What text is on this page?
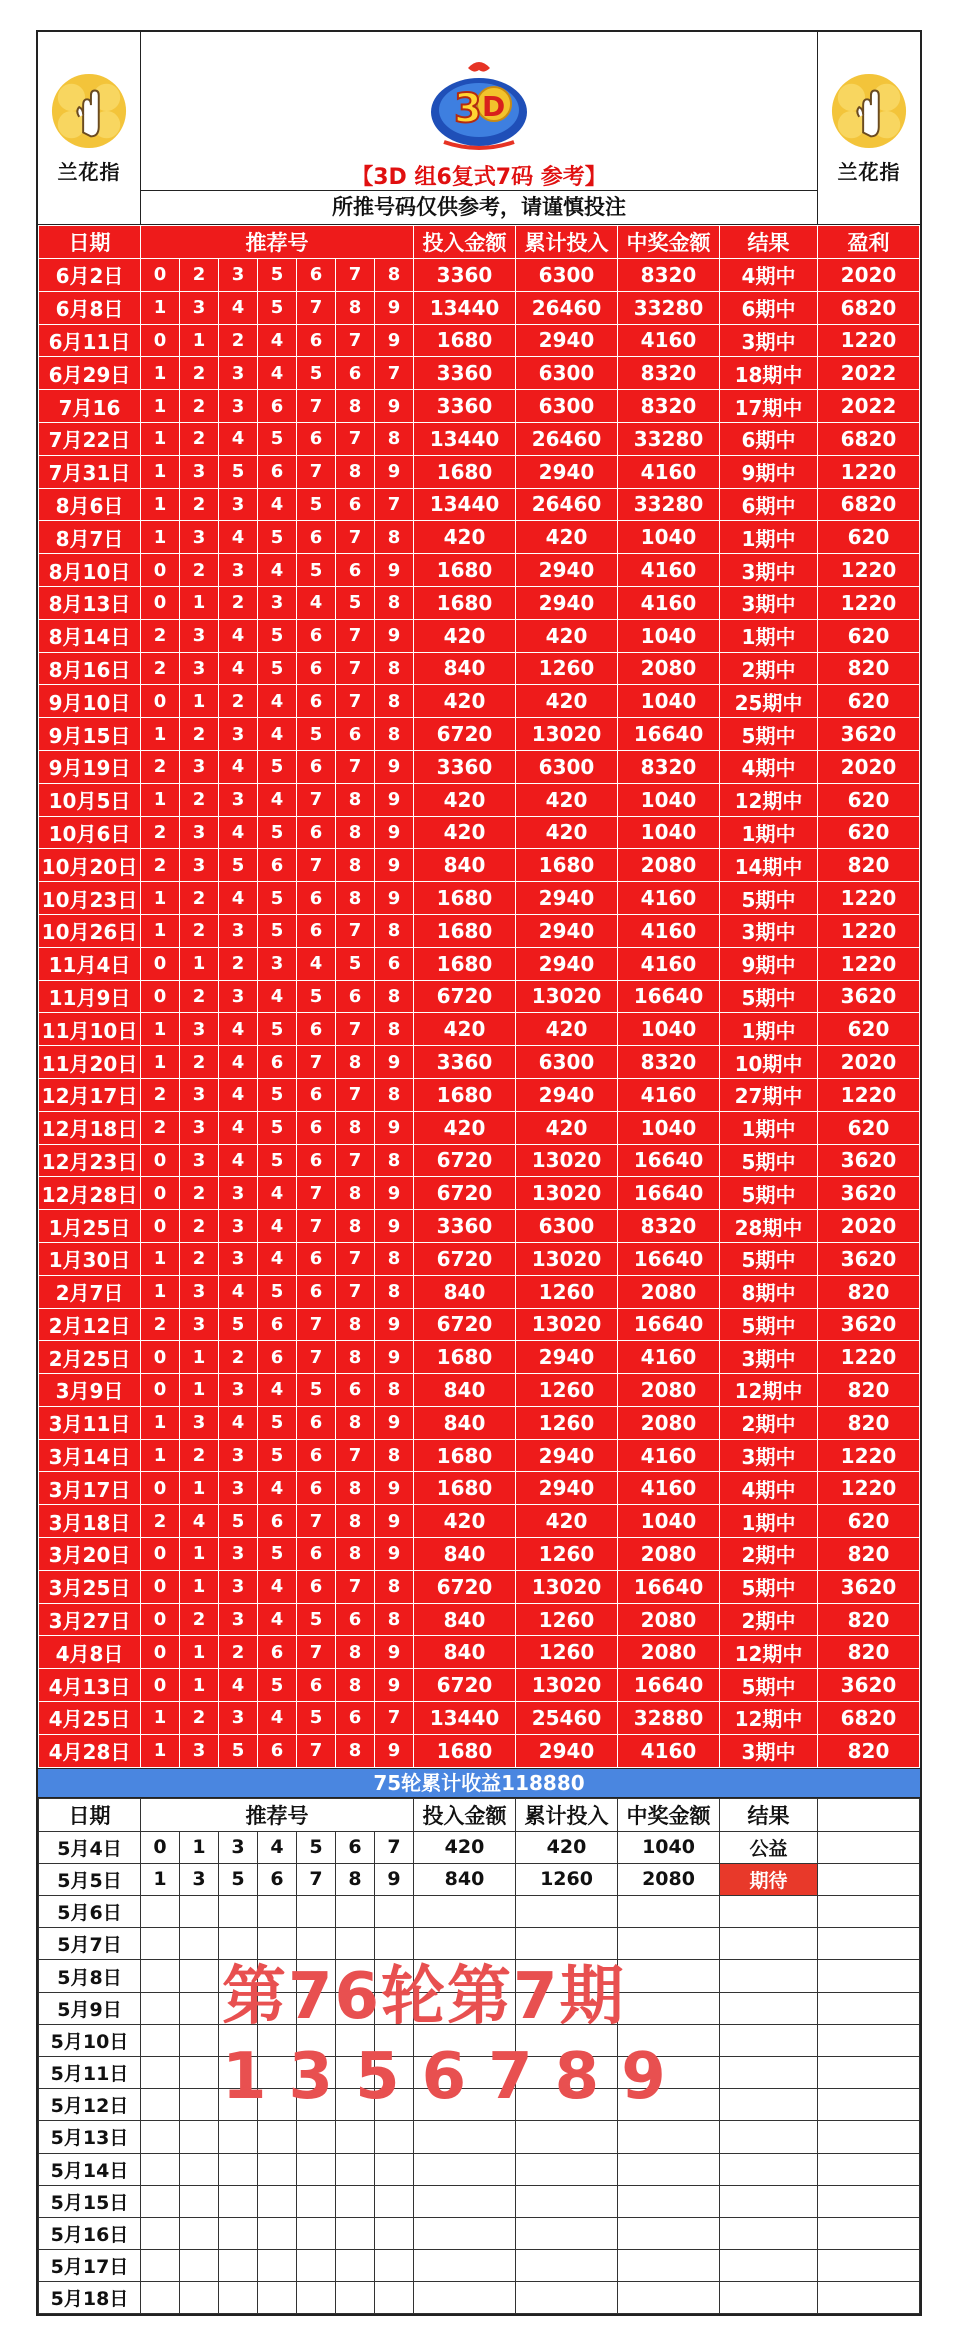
兰花指
3 D
【3D 组6复式7码 参考】
所推号码仅供参考，请谨慎投注
兰花指
日期	推荐号							投入金额	累计投入	中奖金额	结果	盈利
6月2日	0	2	3	5	6	7	8	3360	6300	8320	4期中	2020
6月8日	1	3	4	5	7	8	9	13440	26460	33280	6期中	6820
6月11日	0	1	2	4	6	7	9	1680	2940	4160	3期中	1220
6月29日	1	2	3	4	5	6	7	3360	6300	8320	18期中	2022
7月16	1	2	3	6	7	8	9	3360	6300	8320	17期中	2022
7月22日	1	2	4	5	6	7	8	13440	26460	33280	6期中	6820
7月31日	1	3	5	6	7	8	9	1680	2940	4160	9期中	1220
8月6日	1	2	3	4	5	6	7	13440	26460	33280	6期中	6820
8月7日	1	3	4	5	6	7	8	420	420	1040	1期中	620
8月10日	0	2	3	4	5	6	9	1680	2940	4160	3期中	1220
8月13日	0	1	2	3	4	5	8	1680	2940	4160	3期中	1220
8月14日	2	3	4	5	6	7	9	420	420	1040	1期中	620
8月16日	2	3	4	5	6	7	8	840	1260	2080	2期中	820
9月10日	0	1	2	4	6	7	8	420	420	1040	25期中	620
9月15日	1	2	3	4	5	6	8	6720	13020	16640	5期中	3620
9月19日	2	3	4	5	6	7	9	3360	6300	8320	4期中	2020
10月5日	1	2	3	4	7	8	9	420	420	1040	12期中	620
10月6日	2	3	4	5	6	8	9	420	420	1040	1期中	620
10月20日	2	3	5	6	7	8	9	840	1680	2080	14期中	820
10月23日	1	2	4	5	6	8	9	1680	2940	4160	5期中	1220
10月26日	1	2	3	5	6	7	8	1680	2940	4160	3期中	1220
11月4日	0	1	2	3	4	5	6	1680	2940	4160	9期中	1220
11月9日	0	2	3	4	5	6	8	6720	13020	16640	5期中	3620
11月10日	1	3	4	5	6	7	8	420	420	1040	1期中	620
11月20日	1	2	4	6	7	8	9	3360	6300	8320	10期中	2020
12月17日	2	3	4	5	6	7	8	1680	2940	4160	27期中	1220
12月18日	2	3	4	5	6	8	9	420	420	1040	1期中	620
12月23日	0	3	4	5	6	7	8	6720	13020	16640	5期中	3620
12月28日	0	2	3	4	7	8	9	6720	13020	16640	5期中	3620
1月25日	0	2	3	4	7	8	9	3360	6300	8320	28期中	2020
1月30日	1	2	3	4	6	7	8	6720	13020	16640	5期中	3620
2月7日	1	3	4	5	6	7	8	840	1260	2080	8期中	820
2月12日	2	3	5	6	7	8	9	6720	13020	16640	5期中	3620
2月25日	0	1	2	6	7	8	9	1680	2940	4160	3期中	1220
3月9日	0	1	3	4	5	6	8	840	1260	2080	12期中	820
3月11日	1	3	4	5	6	8	9	840	1260	2080	2期中	820
3月14日	1	2	3	5	6	7	8	1680	2940	4160	3期中	1220
3月17日	0	1	3	4	6	8	9	1680	2940	4160	4期中	1220
3月18日	2	4	5	6	7	8	9	420	420	1040	1期中	620
3月20日	0	1	3	5	6	8	9	840	1260	2080	2期中	820
3月25日	0	1	3	4	6	7	8	6720	13020	16640	5期中	3620
3月27日	0	2	3	4	5	6	8	840	1260	2080	2期中	820
4月8日	0	1	2	6	7	8	9	840	1260	2080	12期中	820
4月13日	0	1	4	5	6	8	9	6720	13020	16640	5期中	3620
4月25日	1	2	3	4	5	6	7	13440	25460	32880	12期中	6820
4月28日	1	3	5	6	7	8	9	1680	2940	4160	3期中	820
75轮累计收益118880
日期	推荐号							投入金额	累计投入	中奖金额	结果	
5月4日	0	1	3	4	5	6	7	420	420	1040	公益	
5月5日	1	3	5	6	7	8	9	840	1260	2080	期待	
5月6日												
5月7日												
5月8日												
5月9日												
5月10日												
5月11日												
5月12日												
5月13日												
5月14日												
5月15日												
5月16日												
5月17日												
5月18日												
第76轮第7期
1356789
